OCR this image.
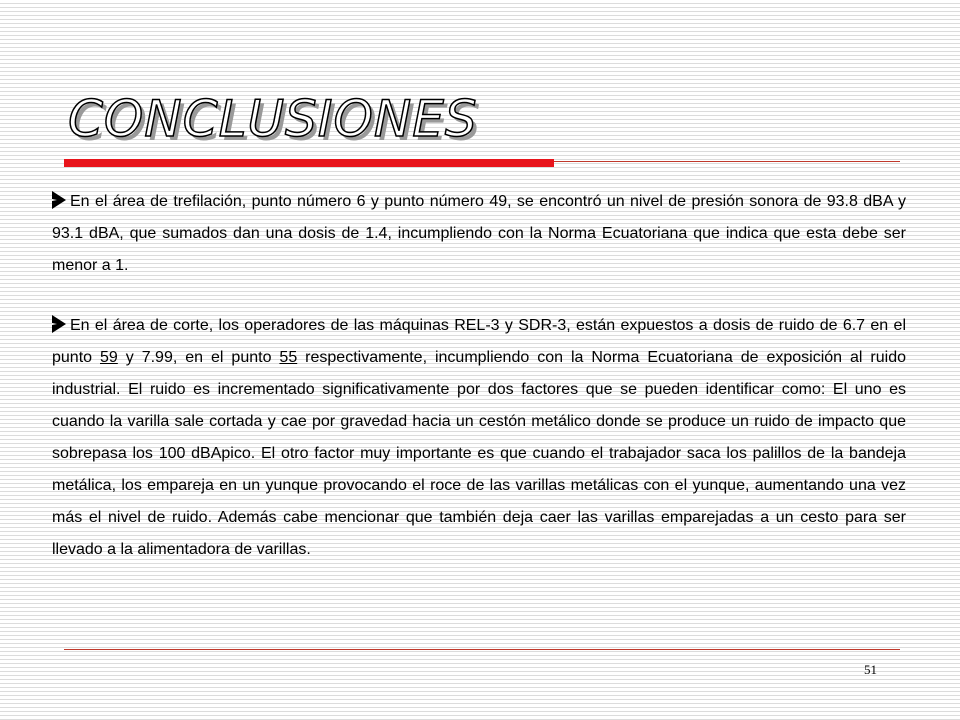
CONCLUSIONES

En el área de trefilación, punto número 6 y punto número 49, se encontró un nivel de presión sonora de 93.8 dBA y 93.1 dBA, que sumados dan una dosis de 1.4, incumpliendo con la Norma Ecuatoriana que indica que esta debe ser menor a 1.

En el área de corte, los operadores de las máquinas REL-3 y SDR-3, están expuestos a dosis de ruido de 6.7 en el punto 59 y 7.99, en el punto 55 respectivamente, incumpliendo con la Norma Ecuatoriana de exposición al ruido industrial. El ruido es incrementado significativamente por dos factores que se pueden identificar como: El uno es cuando la varilla sale cortada y cae por gravedad hacia un cestón metálico donde se produce un ruido de impacto que sobrepasa los 100 dBApico. El otro factor muy importante es que cuando el trabajador saca los palillos de la bandeja metálica, los empareja en un yunque provocando el roce de las varillas metálicas con el yunque, aumentando una vez más el nivel de ruido. Además cabe mencionar que también deja caer las varillas emparejadas a un cesto para ser llevado a la alimentadora de varillas.

51
